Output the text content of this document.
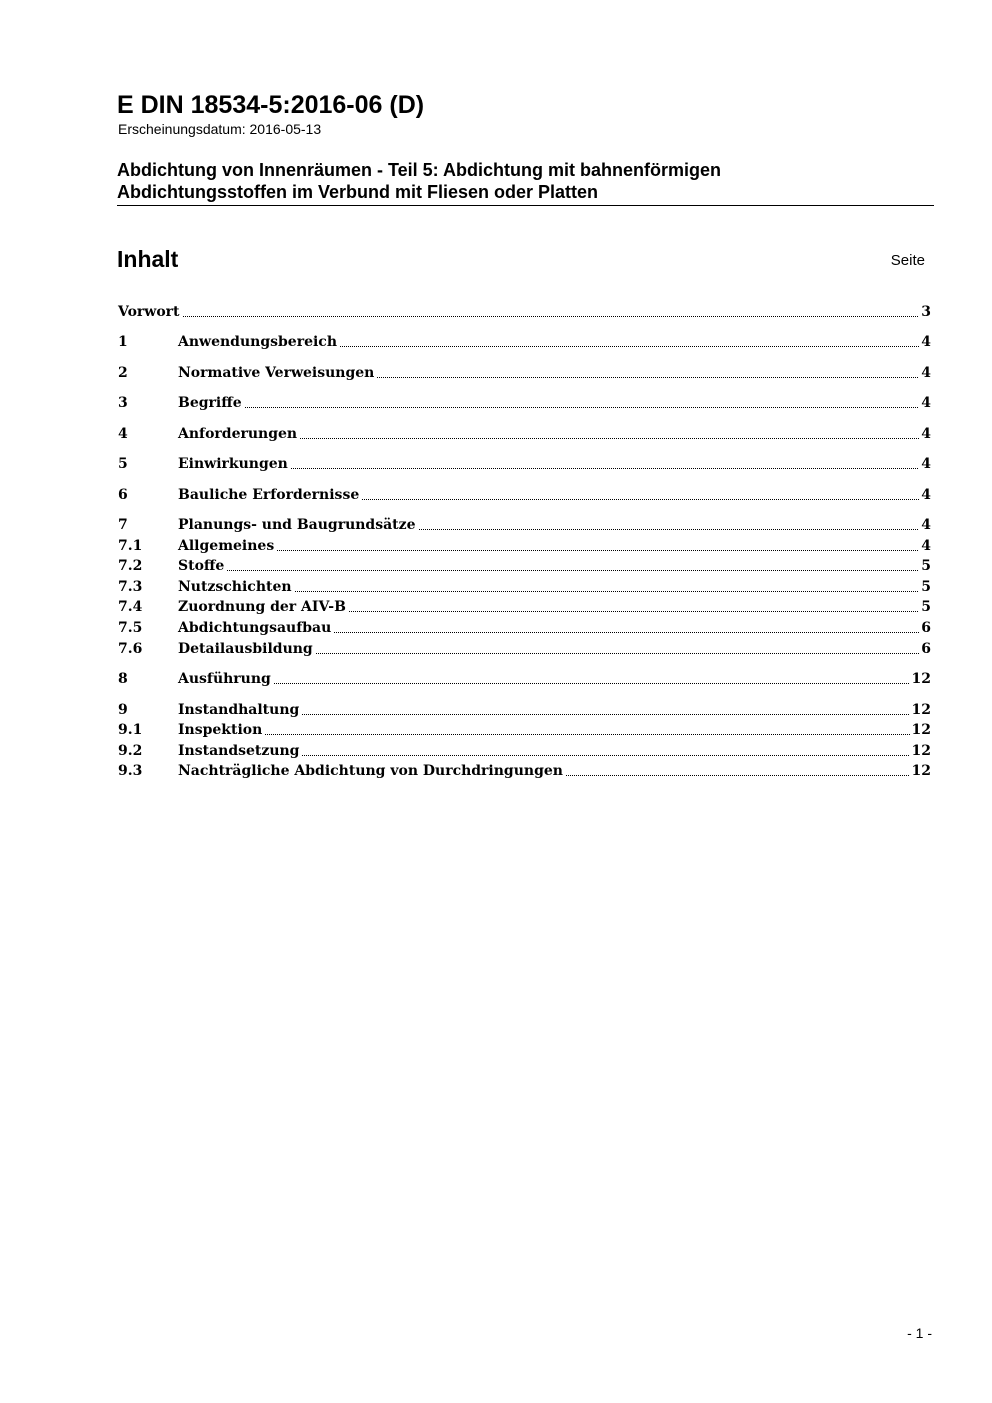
E DIN 18534-5:2016-06 (D)
Erscheinungsdatum: 2016-05-13
Abdichtung von Innenräumen - Teil 5: Abdichtung mit bahnenförmigen
Abdichtungsstoffen im Verbund mit Fliesen oder Platten
Inhalt	Seite
Vorwort	3
1	Anwendungsbereich	4
2	Normative Verweisungen	4
3	Begriffe	4
4	Anforderungen	4
5	Einwirkungen	4
6	Bauliche Erfordernisse	4
7	Planungs- und Baugrundsätze	4
7.1	Allgemeines	4
7.2	Stoffe	5
7.3	Nutzschichten	5
7.4	Zuordnung der AIV-B	5
7.5	Abdichtungsaufbau	6
7.6	Detailausbildung	6
8	Ausführung	12
9	Instandhaltung	12
9.1	Inspektion	12
9.2	Instandsetzung	12
9.3	Nachträgliche Abdichtung von Durchdringungen	12
- 1 -
